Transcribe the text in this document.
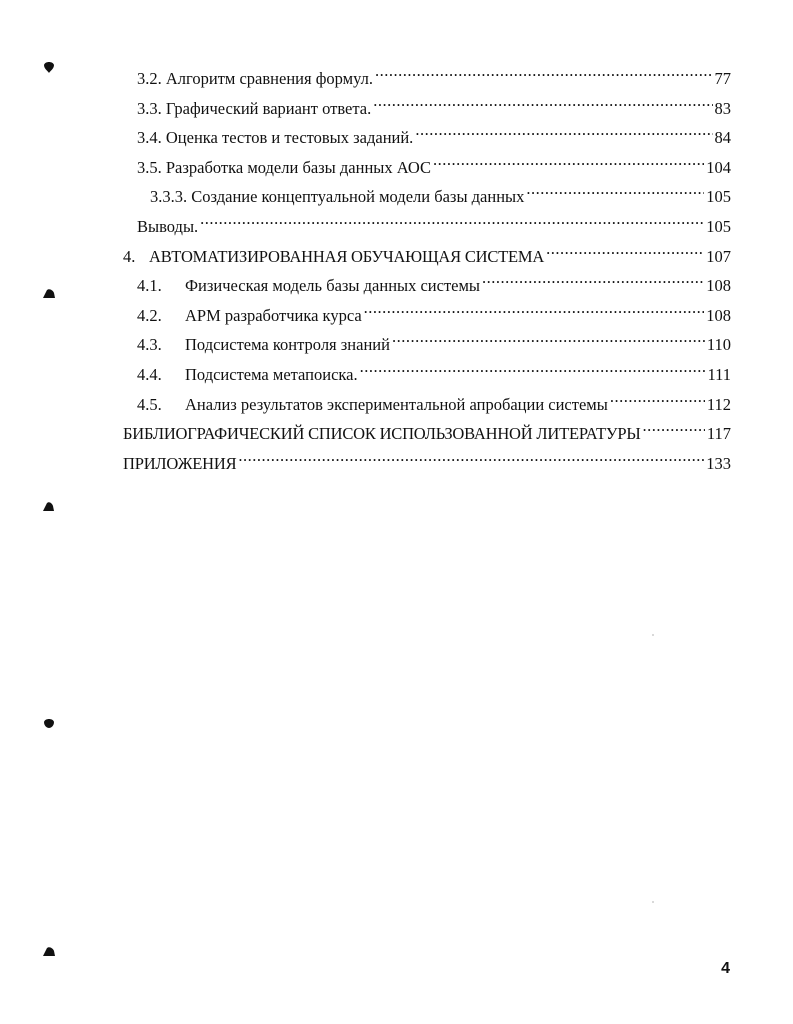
3.2. Алгоритм сравнения формул. .....	77
3.3. Графический вариант ответа. .....	83
3.4. Оценка тестов и тестовых заданий. .....	84
3.5. Разработка модели базы данных АОС .....	104
3.3.3. Создание концептуальной модели базы данных .....	105
Выводы. .....	105
4. АВТОМАТИЗИРОВАННАЯ ОБУЧАЮЩАЯ СИСТЕМА .....	107
4.1.	Физическая модель базы данных системы .....	108
4.2.	АРМ разработчика курса .....	108
4.3.	Подсистема контроля знаний .....	110
4.4.	Подсистема метапоиска. .....	111
4.5.	Анализ результатов экспериментальной апробации системы .....	112
БИБЛИОГРАФИЧЕСКИЙ СПИСОК ИСПОЛЬЗОВАННОЙ ЛИТЕРАТУРЫ .....	117
ПРИЛОЖЕНИЯ .....	133
4
